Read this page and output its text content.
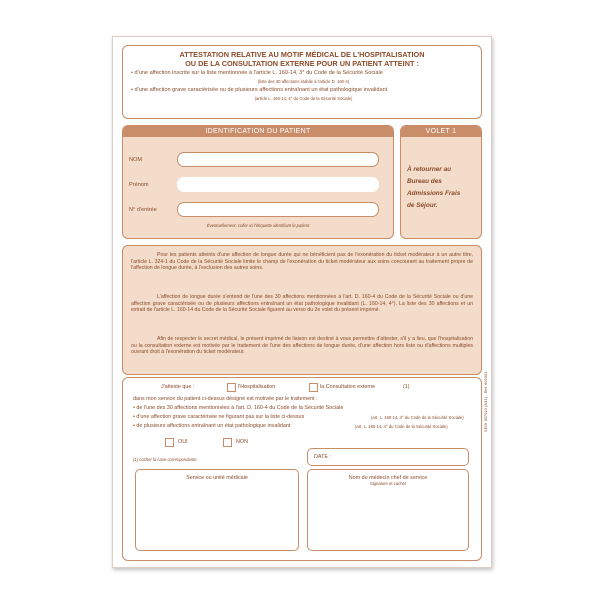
ATTESTATION RELATIVE AU MOTIF MÉDICAL DE L'HOSPITALISATION
OU DE LA CONSULTATION EXTERNE POUR UN PATIENT ATTEINT :
• d'une affection inscrite sur la liste mentionnée à l'article L. 160-14, 3° du Code de la Sécurité Sociale
(liste des 30 affections établie à l'article D. 160-4)
• d'une affection grave caractérisée ou de plusieurs affections entraînant un état pathologique invalidant
(article L. 160-14, 4° du Code de la Sécurité Sociale)
IDENTIFICATION DU PATIENT
NOM
Prénom
N° d'entrée
Éventuellement, coller ici l'étiquette identifiant le patient
VOLET 1
À retourner au
Bureau des
Admissions Frais
de Séjour.
Pour les patients atteints d'une affection de longue durée qui ne bénéficient pas de l'exonération du ticket modérateur à un autre titre, l'article L. 324-1 du Code de la Sécurité Sociale limite le champ de l'exonération du ticket modérateur aux soins concourant au traitement propre de l'affection de longue durée, à l'exclusion des autres soins.
L'affection de longue durée s'entend de l'une des 30 affections mentionnées à l'art. D. 160-4 du Code de la Sécurité Sociale ou d'une affection grave caractérisée ou de plusieurs affections entraînant un état pathologique invalidant (L. 160-14, 4°). La liste des 30 affections et un extrait de l'article L. 160-14 du Code de la Sécurité Sociale figurent au verso du 2e volet du présent imprimé.
Afin de respecter le secret médical, le présent imprimé de liaison est destiné à vous permettre d'attester, s'il y a lieu, que l'hospitalisation ou la consultation externe est motivée par le traitement de l'une des affections de longue durée, d'une affection hors liste ou d'affections multiples ouvrant droit à l'exonération du ticket modérateur.
J'atteste que :	l'Hospitalisation	la Consultation externe	(1)
dans mon service du patient ci-dessus désigné est motivée par le traitement :
• de l'une des 30 affections mentionnées à l'art. D. 160-4 du Code de la Sécurité Sociale
• d'une affection grave caractérisée ne figurant pas sur la liste ci-dessus	(art. L. 160-14, 4° du Code de la Sécurité Sociale)
• de plusieurs affections entraînant un état pathologique invalidant	(art. L. 160-14, 4° du Code de la Sécurité Sociale)
OUI	NON
(1) cocher la case correspondante	DATE :
Service ou unité médicale	Nom du médecin chef de service
Signature et cachet
SEDI 307013 (3/11) - Réf. 602001
